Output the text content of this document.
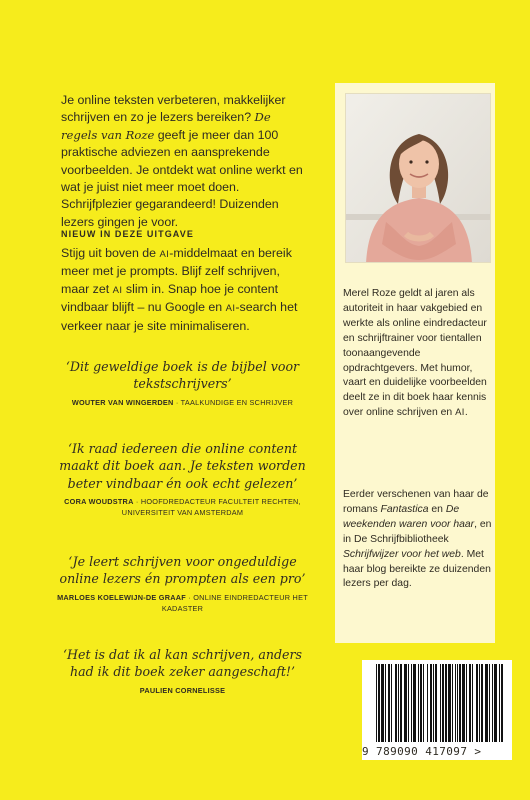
Je online teksten verbeteren, makkelijker schrijven en zo je lezers bereiken? De regels van Roze geeft je meer dan 100 praktische adviezen en aansprekende voorbeelden. Je ontdekt wat online werkt en wat je juist niet meer moet doen. Schrijfplezier gegarandeerd! Duizenden lezers gingen je voor.
NIEUW IN DEZE UITGAVE
Stijg uit boven de AI-middelmaat en bereik meer met je prompts. Blijf zelf schrijven, maar zet AI slim in. Snap hoe je content vindbaar blijft – nu Google en AI-search het verkeer naar je site minimaliseren.
‘Dit geweldige boek is de bijbel voor tekstschrijvers’
WOUTER VAN WINGERDEN · TAALKUNDIGE EN SCHRIJVER
‘Ik raad iedereen die online content maakt dit boek aan. Je teksten worden beter vindbaar én ook echt gelezen’
CORA WOUDSTRA · HOOFDREDACTEUR FACULTEIT RECHTEN, UNIVERSITEIT VAN AMSTERDAM
‘Je leert schrijven voor ongeduldige online lezers én prompten als een pro’
MARLOES KOELEWIJN-DE GRAAF · ONLINE EINDREDACTEUR HET KADASTER
‘Het is dat ik al kan schrijven, anders had ik dit boek zeker aangeschaft!’
PAULIEN CORNELISSE
Merel Roze geldt al jaren als autoriteit in haar vakgebied en werkte als online eindredacteur en schrijftrainer voor tientallen toonaangevende opdrachtgevers. Met humor, vaart en duidelijke voorbeelden deelt ze in dit boek haar kennis over online schrijven en AI.
Eerder verschenen van haar de romans Fantastica en De weekenden waren voor haar, en in De Schrijfbibliotheek Schrijfwijzer voor het web. Met haar blog bereikte ze duizenden lezers per dag.
9 789090 417097 >
